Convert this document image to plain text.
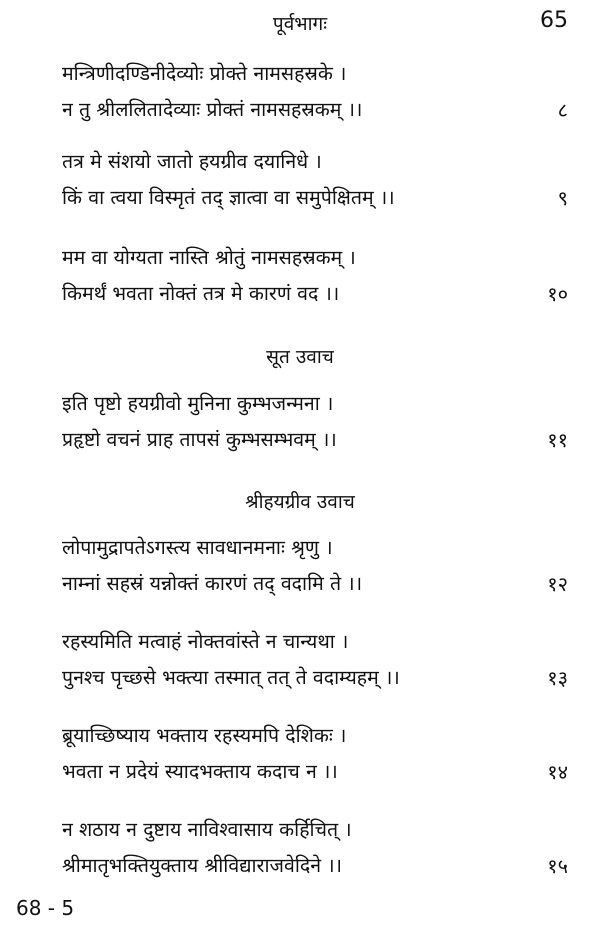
पूर्वभागः	65
मन्त्रिणीदण्डिनीदेव्योः प्रोक्ते नामसहस्रके ।
न तु श्रीललितादेव्याः प्रोक्तं नामसहस्रकम् ।।	८
तत्र मे संशयो जातो हयग्रीव दयानिधे ।
किं वा त्वया विस्मृतं तद् ज्ञात्वा वा समुपेक्षितम् ।।	९
मम वा योग्यता नास्ति श्रोतुं नामसहस्रकम् ।
किमर्थं भवता नोक्तं तत्र मे कारणं वद ।।	१०
सूत उवाच
इति पृष्टो हयग्रीवो मुनिना कुम्भजन्मना ।
प्रहृष्टो वचनं प्राह तापसं कुम्भसम्भवम् ।।	११
श्रीहयग्रीव उवाच
लोपामुद्रापतेऽगस्त्य सावधानमनाः श्रृणु ।
नाम्नां सहस्रं यन्नोक्तं कारणं तद् वदामि ते ।।	१२
रहस्यमिति मत्वाहं नोक्तवांस्ते न चान्यथा ।
पुनश्च पृच्छसे भक्त्या तस्मात् तत् ते वदाम्यहम् ।।	१३
ब्रूयाच्छिष्याय भक्ताय रहस्यमपि देशिकः ।
भवता न प्रदेयं स्यादभक्ताय कदाच न ।।	१४
न शठाय न दुष्टाय नाविश्वासाय कर्हिचित् ।
श्रीमातृभक्तियुक्ताय श्रीविद्याराजवेदिने ।।	१५
68 - 5
